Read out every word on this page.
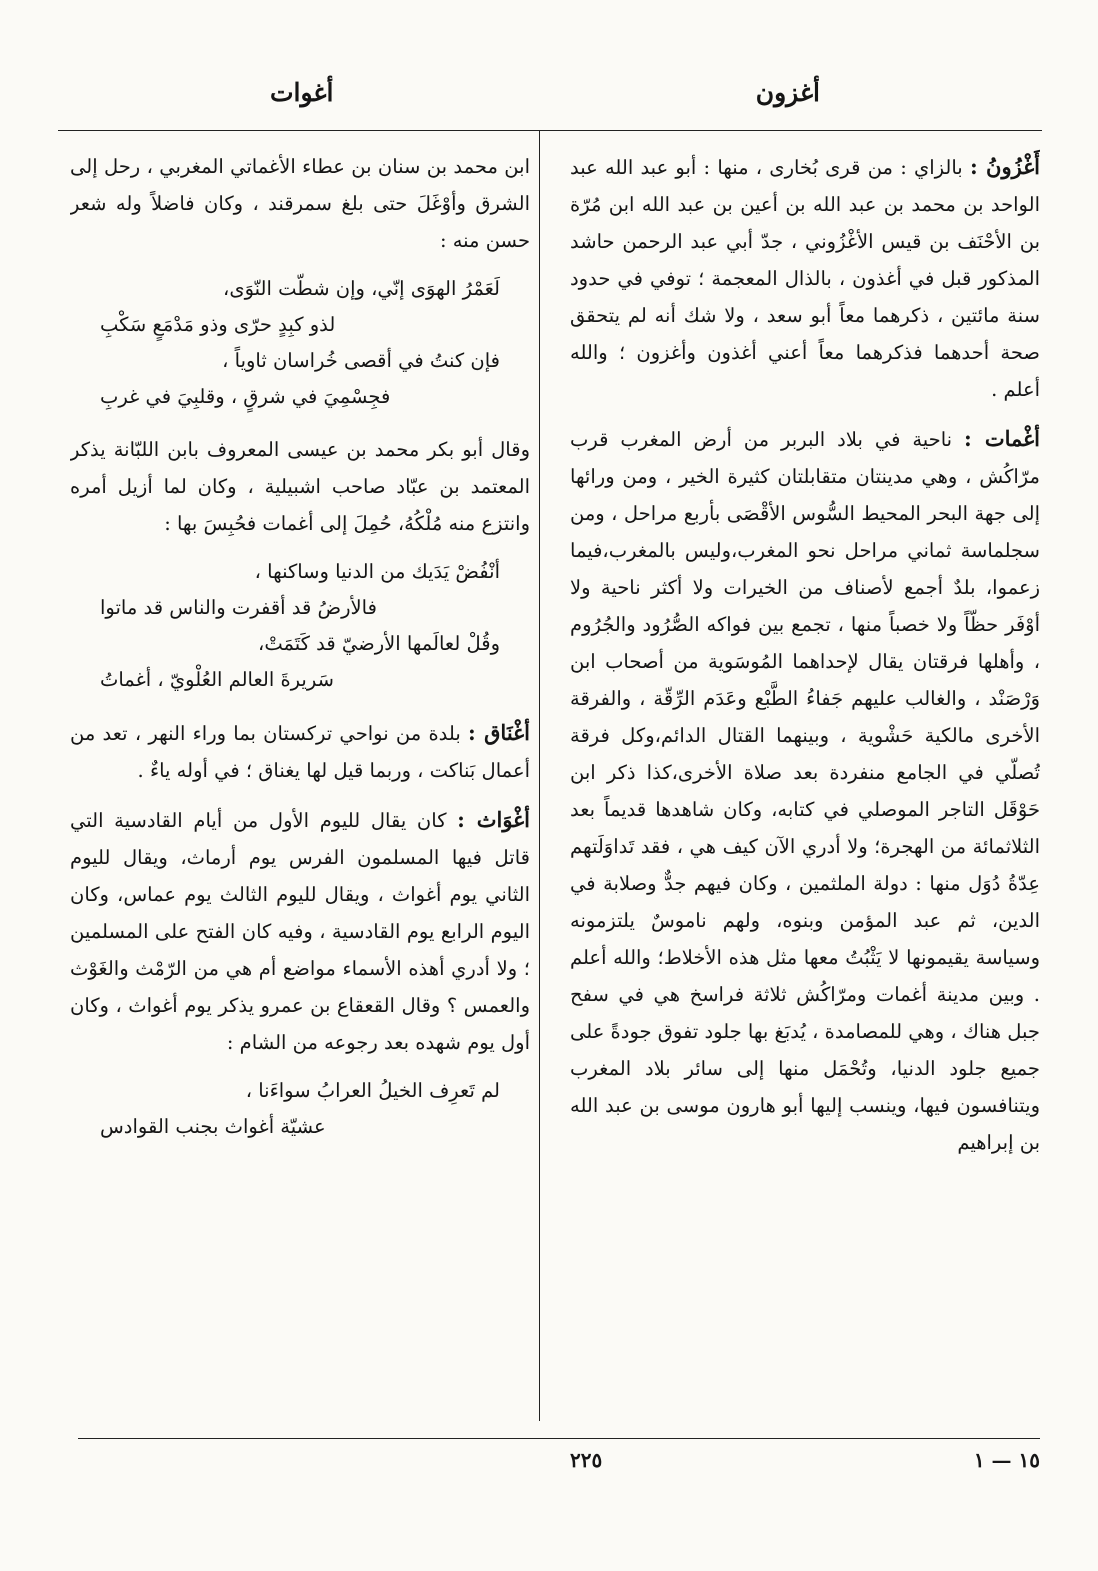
أغزون
أغوات

أَغْزُونُ : بالزاي : من قرى بُخارى ، منها : أبو عبد الله عبد الواحد بن محمد بن عبد الله بن أعين بن عبد الله ابن مُرّة بن الأحْنَف بن قيس الأغْزُوني ، جدّ أبي عبد الرحمن حاشد المذكور قبل في أغذون ، بالذال المعجمة ؛ توفي في حدود سنة مائتين ، ذكرهما معاً أبو سعد ، ولا شك أنه لم يتحقق صحة أحدهما فذكرهما معاً أعني أغذون وأغزون ؛ والله أعلم .

أغْمات : ناحية في بلاد البربر من أرض المغرب قرب مرّاكُش ، وهي مدينتان متقابلتان كثيرة الخير ، ومن ورائها إلى جهة البحر المحيط السُّوس الأقْصَى بأربع مراحل ، ومن سجلماسة ثماني مراحل نحو المغرب،وليس بالمغرب،فيما زعموا، بلدٌ أجمع لأصناف من الخيرات ولا أكثر ناحية ولا أوْفَر حظّاً ولا خصباً منها ، تجمع بين فواكه الصُّرُود والجُرُوم ، وأهلها فرقتان يقال لإحداهما المُوسَوية من أصحاب ابن وَرْصَنْد ، والغالب عليهم جَفاءُ الطَّبْع وعَدَم الرِّقّة ، والفرقة الأخرى مالكية حَشْوية ، وبينهما القتال الدائم،وكل فرقة تُصلّي في الجامع منفردة بعد صلاة الأخرى،كذا ذكر ابن حَوْقَل التاجر الموصلي في كتابه، وكان شاهدها قديماً بعد الثلاثمائة من الهجرة؛ ولا أدري الآن كيف هي ، فقد تَداوَلَتهم عِدّةُ دُوَل منها : دولة الملثمين ، وكان فيهم جدٌّ وصلابة في الدين، ثم عبد المؤمن وبنوه، ولهم ناموسٌ يلتزمونه وسياسة يقيمونها لا يَثْبُتُ معها مثل هذه الأخلاط؛ والله أعلم . وبين مدينة أغمات ومرّاكُش ثلاثة فراسخ هي في سفح جبل هناك ، وهي للمصامدة ، يُدبَغ بها جلود تفوق جودةً على جميع جلود الدنيا، وتُحْمَل منها إلى سائر بلاد المغرب ويتنافسون فيها، وينسب إليها أبو هارون موسى بن عبد الله بن إبراهيم

ابن محمد بن سنان بن عطاء الأغماتي المغربي ، رحل إلى الشرق وأوْغَلَ حتى بلغ سمرقند ، وكان فاضلاً وله شعر حسن منه :

لَعَمْرُ الهوَى إنّي، وإن شطّت النّوَى،
لذو كبِدٍ حرّى وذو مَدْمَعٍ سَكْبِ
فإن كنتُ في أقصى خُراسان ثاوياً ،
فجِسْمِيَ في شرقٍ ، وقلبِيَ في غربِ

وقال أبو بكر محمد بن عيسى المعروف بابن اللبّانة يذكر المعتمد بن عبّاد صاحب اشبيلية ، وكان لما أزيل أمره وانتزع منه مُلْكُهُ، حُمِلَ إلى أغمات فحُبِسَ بها :

أنْفُضْ يَدَيك من الدنيا وساكنها ،
فالأرضُ قد أقفرت والناس قد ماتوا
وقُلْ لعالَمها الأرضيّ قد كَتَمَتْ،
سَريرةَ العالم العُلْويّ ، أغماتُ

أغْنَاق : بلدة من نواحي تركستان بما وراء النهر ، تعد من أعمال بَناكت ، وربما قيل لها يغناق ؛ في أوله ياءٌ .

أغْوَاث : كان يقال لليوم الأول من أيام القادسية التي قاتل فيها المسلمون الفرس يوم أرماث، ويقال لليوم الثاني يوم أغواث ، ويقال لليوم الثالث يوم عماس، وكان اليوم الرابع يوم القادسية ، وفيه كان الفتح على المسلمين ؛ ولا أدري أهذه الأسماء مواضع أم هي من الرّمْث والغَوْث والعمس ؟ وقال القعقاع بن عمرو يذكر يوم أغواث ، وكان أول يوم شهده بعد رجوعه من الشام :

لم تَعرِف الخيلُ العرابُ سواءَنا ،
عشيّة أغواث بجنب القوادس
١٥ — ١
٢٢٥
